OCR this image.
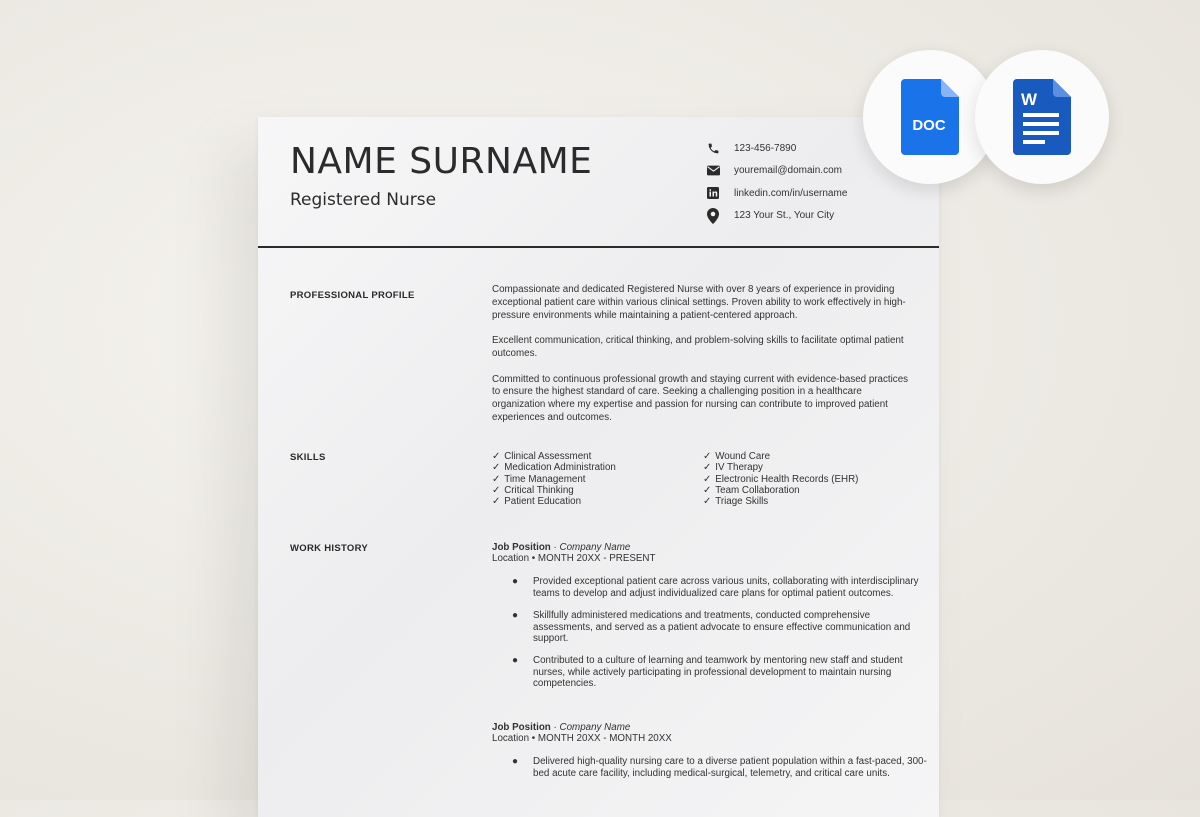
NAME SURNAME
Registered Nurse
123-456-7890
youremail@domain.com
linkedin.com/in/username
123 Your St., Your City
PROFESSIONAL PROFILE

Compassionate and dedicated Registered Nurse with over 8 years of experience in providing exceptional patient care within various clinical settings. Proven ability to work effectively in high-pressure environments while maintaining a patient-centered approach.

Excellent communication, critical thinking, and problem-solving skills to facilitate optimal patient outcomes.

Committed to continuous professional growth and staying current with evidence-based practices to ensure the highest standard of care. Seeking a challenging position in a healthcare organization where my expertise and passion for nursing can contribute to improved patient experiences and outcomes.

SKILLS	✓ Clinical Assessment
✓ Medication Administration
✓ Time Management
✓ Critical Thinking
✓ Patient Education
✓ Wound Care
✓ IV Therapy
✓ Electronic Health Records (EHR)
✓ Team Collaboration
✓ Triage Skills
WORK HISTORY	Job Position · Company Name
Location • MONTH 20XX - PRESENT
● Provided exceptional patient care across various units, collaborating with interdisciplinary teams to develop and adjust individualized care plans for optimal patient outcomes.
● Skillfully administered medications and treatments, conducted comprehensive assessments, and served as a patient advocate to ensure effective communication and support.
● Contributed to a culture of learning and teamwork by mentoring new staff and student nurses, while actively participating in professional development to maintain nursing competencies.
Job Position · Company Name
Location • MONTH 20XX - MONTH 20XX
● Delivered high-quality nursing care to a diverse patient population within a fast-paced, 300-bed acute care facility, including medical-surgical, telemetry, and critical care units.
DOC
W
